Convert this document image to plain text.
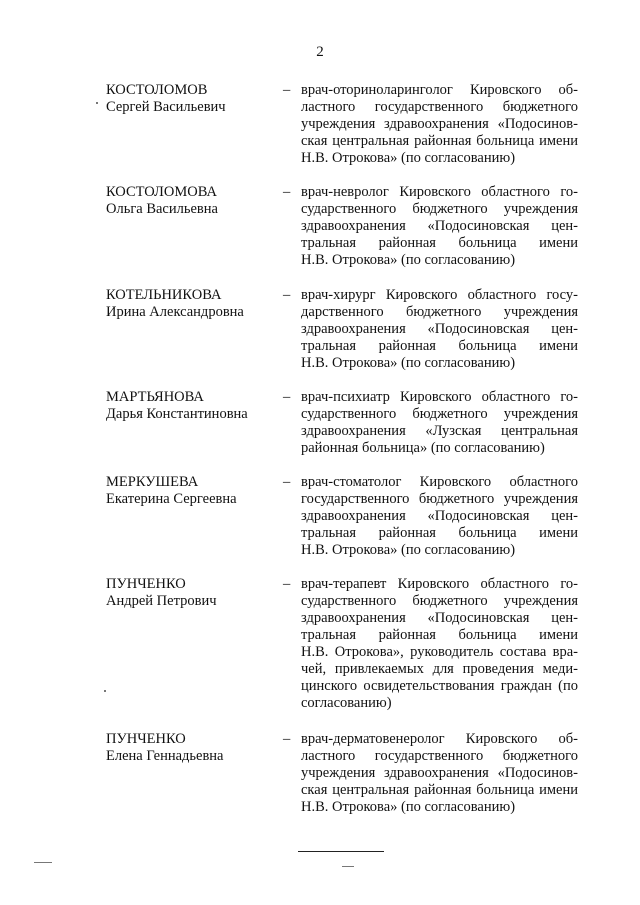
2
КОСТОЛОМОВ
Сергей Васильевич
– врач-оториноларинголог Кировского об-
ластного государственного бюджетного
учреждения здравоохранения «Подосинов-
ская центральная районная больница имени
Н.В. Отрокова» (по согласованию)
КОСТОЛОМОВА
Ольга Васильевна
– врач-невролог Кировского областного го-
сударственного бюджетного учреждения
здравоохранения «Подосиновская цен-
тральная районная больница имени
Н.В. Отрокова» (по согласованию)
КОТЕЛЬНИКОВА
Ирина Александровна
– врач-хирург Кировского областного госу-
дарственного бюджетного учреждения
здравоохранения «Подосиновская цен-
тральная районная больница имени
Н.В. Отрокова» (по согласованию)
МАРТЬЯНОВА
Дарья Константиновна
– врач-психиатр Кировского областного го-
сударственного бюджетного учреждения
здравоохранения «Лузская центральная
районная больница» (по согласованию)
МЕРКУШЕВА
Екатерина Сергеевна
– врач-стоматолог Кировского областного
государственного бюджетного учреждения
здравоохранения «Подосиновская цен-
тральная районная больница имени
Н.В. Отрокова» (по согласованию)
ПУНЧЕНКО
Андрей Петрович
– врач-терапевт Кировского областного го-
сударственного бюджетного учреждения
здравоохранения «Подосиновская цен-
тральная районная больница имени
Н.В. Отрокова», руководитель состава вра-
чей, привлекаемых для проведения меди-
цинского освидетельствования граждан (по
согласованию)
ПУНЧЕНКО
Елена Геннадьевна
– врач-дерматовенеролог Кировского об-
ластного государственного бюджетного
учреждения здравоохранения «Подосинов-
ская центральная районная больница имени
Н.В. Отрокова» (по согласованию)
